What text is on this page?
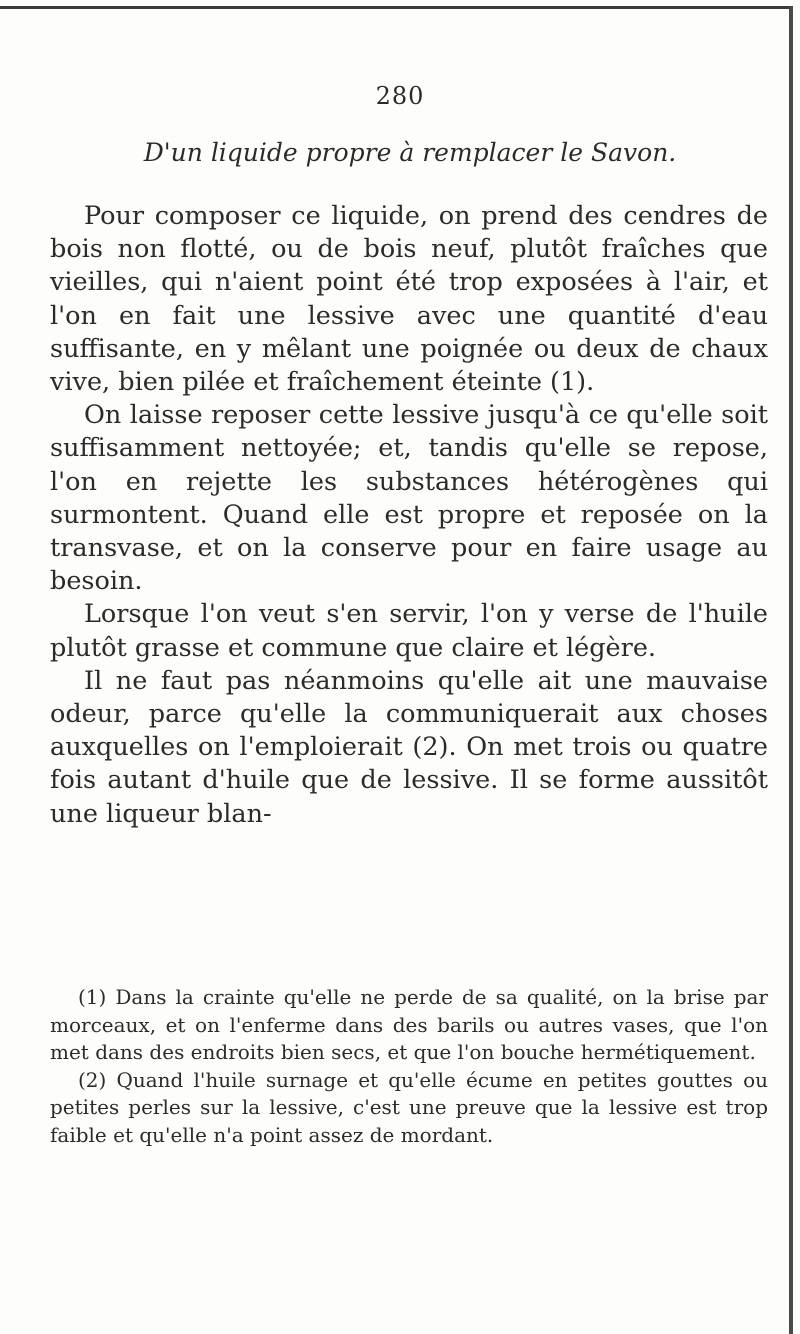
280
D'un liquide propre à remplacer le Savon.

Pour composer ce liquide, on prend des cendres de bois non flotté, ou de bois neuf, plutôt fraîches que vieilles, qui n'aient point été trop exposées à l'air, et l'on en fait une lessive avec une quantité d'eau suffisante, en y mêlant une poignée ou deux de chaux vive, bien pilée et fraîchement éteinte (1).

On laisse reposer cette lessive jusqu'à ce qu'elle soit suffisamment nettoyée; et, tandis qu'elle se repose, l'on en rejette les substances hétérogènes qui surmontent. Quand elle est propre et reposée on la transvase, et on la conserve pour en faire usage au besoin.

Lorsque l'on veut s'en servir, l'on y verse de l'huile plutôt grasse et commune que claire et légère.

Il ne faut pas néanmoins qu'elle ait une mauvaise odeur, parce qu'elle la communiquerait aux choses auxquelles on l'emploierait (2). On met trois ou quatre fois autant d'huile que de lessive. Il se forme aussitôt une liqueur blan-

(1) Dans la crainte qu'elle ne perde de sa qualité, on la brise par morceaux, et on l'enferme dans des barils ou autres vases, que l'on met dans des endroits bien secs, et que l'on bouche hermétiquement.

(2) Quand l'huile surnage et qu'elle écume en petites gouttes ou petites perles sur la lessive, c'est une preuve que la lessive est trop faible et qu'elle n'a point assez de mordant.
